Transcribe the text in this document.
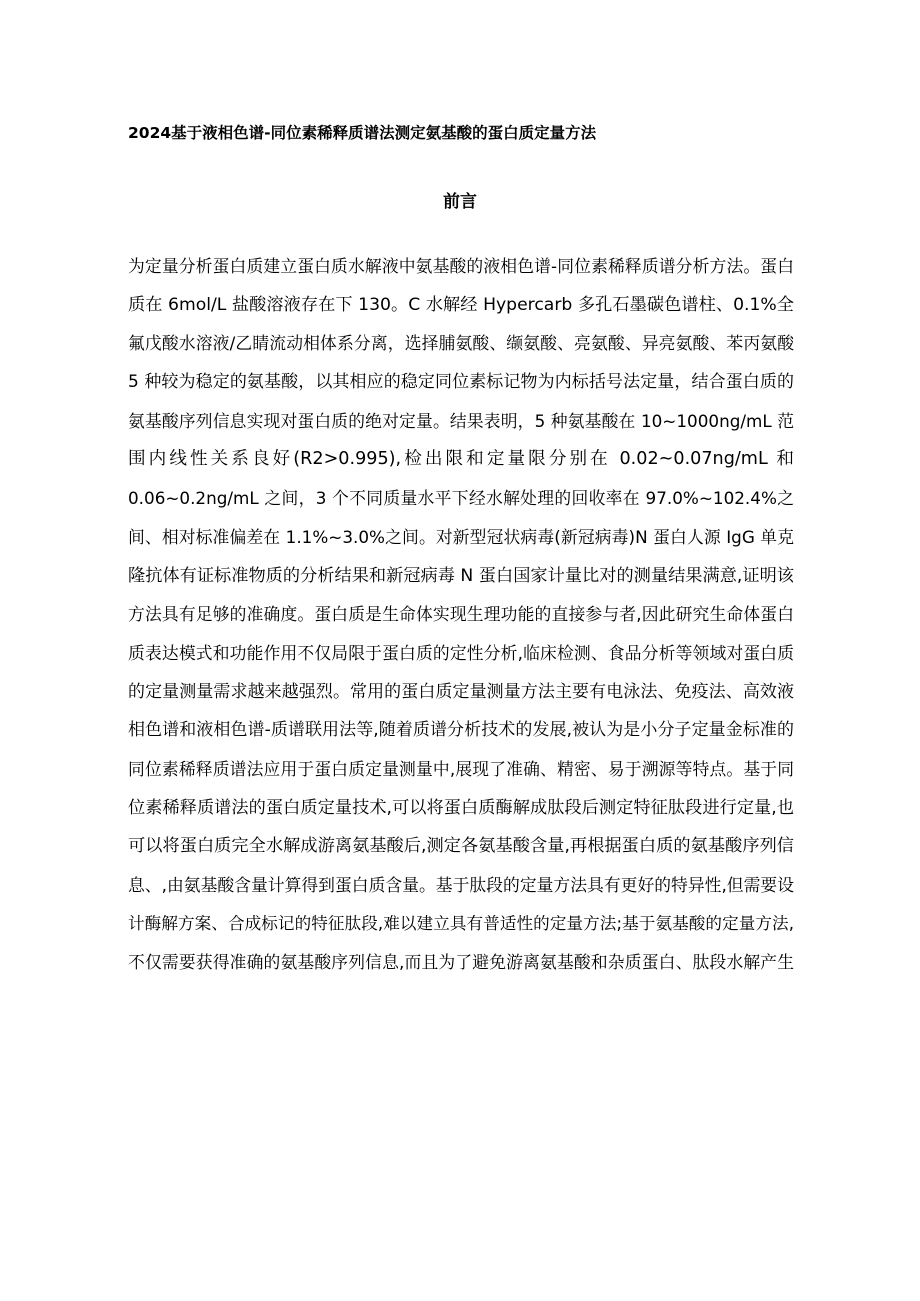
2024基于液相色谱-同位素稀释质谱法测定氨基酸的蛋白质定量方法
前言
为定量分析蛋白质建立蛋白质水解液中氨基酸的液相色谱-同位素稀释质谱分析方法。蛋白
质在 6mol/L 盐酸溶液存在下 130。C 水解经 Hypercarb 多孔石墨碳色谱柱、0.1%全
氟戊酸水溶液/乙睛流动相体系分离，选择脯氨酸、缬氨酸、亮氨酸、异亮氨酸、苯丙氨酸
5 种较为稳定的氨基酸，以其相应的稳定同位素标记物为内标括号法定量，结合蛋白质的
氨基酸序列信息实现对蛋白质的绝对定量。结果表明，5 种氨基酸在 10~1000ng/mL 范
围内线性关系良好(R2>0.995),检出限和定量限分别在 0.02~0.07ng/mL 和
0.06~0.2ng/mL 之间，3 个不同质量水平下经水解处理的回收率在 97.0%~102.4%之
间、相对标准偏差在 1.1%~3.0%之间。对新型冠状病毒(新冠病毒)N 蛋白人源 IgG 单克
隆抗体有证标准物质的分析结果和新冠病毒 N 蛋白国家计量比对的测量结果满意,证明该
方法具有足够的准确度。蛋白质是生命体实现生理功能的直接参与者,因此研究生命体蛋白
质表达模式和功能作用不仅局限于蛋白质的定性分析,临床检测、食品分析等领域对蛋白质
的定量测量需求越来越强烈。常用的蛋白质定量测量方法主要有电泳法、免疫法、高效液
相色谱和液相色谱-质谱联用法等,随着质谱分析技术的发展,被认为是小分子定量金标准的
同位素稀释质谱法应用于蛋白质定量测量中,展现了准确、精密、易于溯源等特点。基于同
位素稀释质谱法的蛋白质定量技术,可以将蛋白质酶解成肽段后测定特征肽段进行定量,也
可以将蛋白质完全水解成游离氨基酸后,测定各氨基酸含量,再根据蛋白质的氨基酸序列信
息、,由氨基酸含量计算得到蛋白质含量。基于肽段的定量方法具有更好的特异性,但需要设
计酶解方案、合成标记的特征肽段,难以建立具有普适性的定量方法;基于氨基酸的定量方法,
不仅需要获得准确的氨基酸序列信息,而且为了避免游离氨基酸和杂质蛋白、肽段水解产生
